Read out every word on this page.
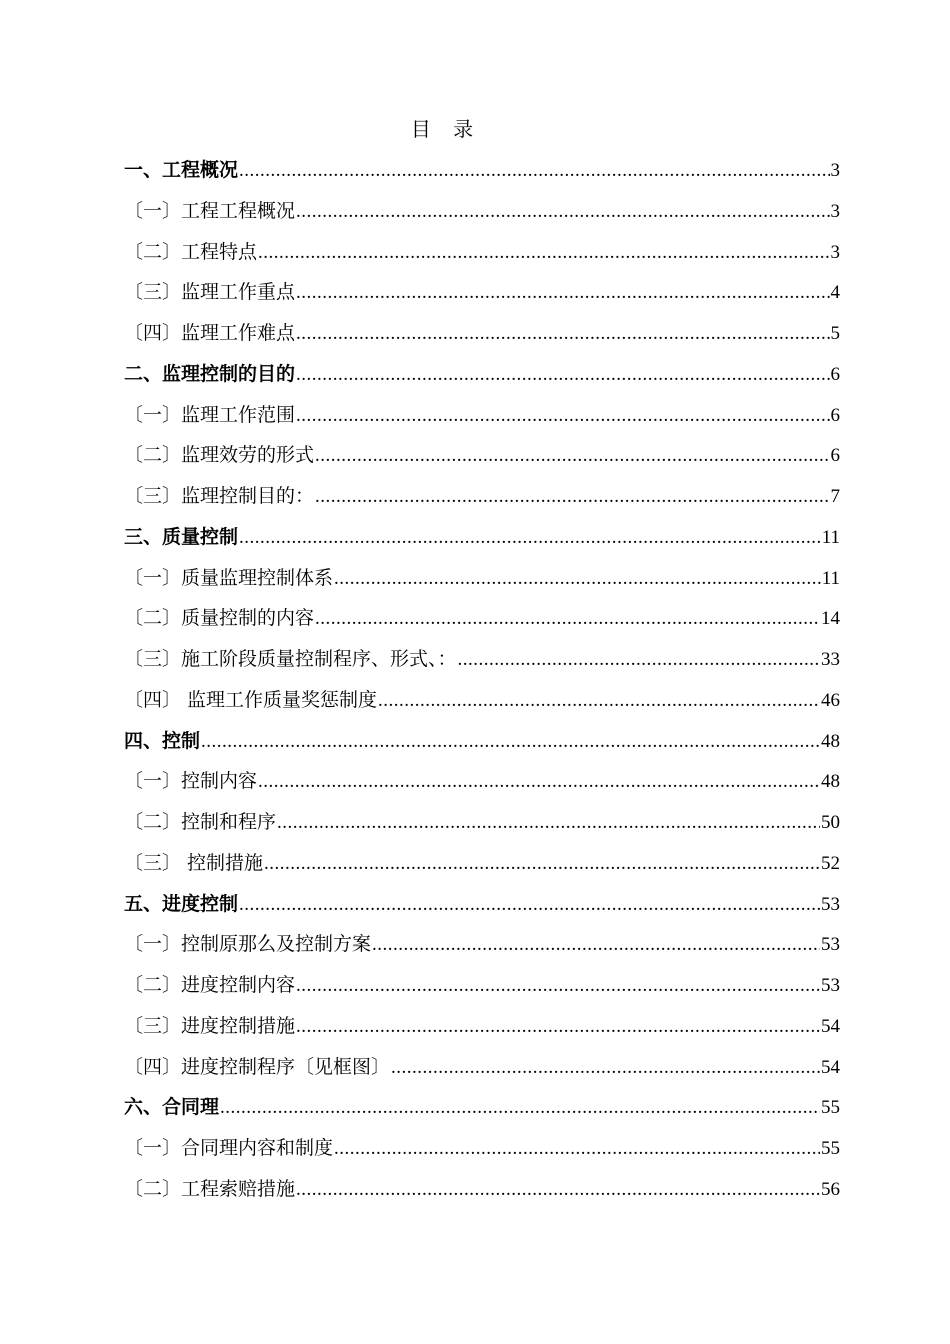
目 录
一、工程概况 .....	3
〔一〕工程工程概况 .....	3
〔二〕工程特点 .....	3
〔三〕监理工作重点 .....	4
〔四〕监理工作难点 .....	5
二、监理控制的目的 .....	6
〔一〕监理工作范围 .....	6
〔二〕监理效劳的形式 .....	6
〔三〕监理控制目的： .....	7
三、质量控制 .....	11
〔一〕质量监理控制体系 .....	11
〔二〕质量控制的内容 .....	14
〔三〕施工阶段质量控制程序、形式、： .....	33
〔四〕 监理工作质量奖惩制度 .....	46
四、控制 .....	48
〔一〕控制内容 .....	48
〔二〕控制和程序 .....	50
〔三〕 控制措施 .....	52
五、进度控制 .....	53
〔一〕控制原那么及控制方案 .....	53
〔二〕进度控制内容 .....	53
〔三〕进度控制措施 .....	54
〔四〕进度控制程序〔见框图〕 .....	54
六、合同理 .....	55
〔一〕合同理内容和制度 .....	55
〔二〕工程索赔措施 .....	56
